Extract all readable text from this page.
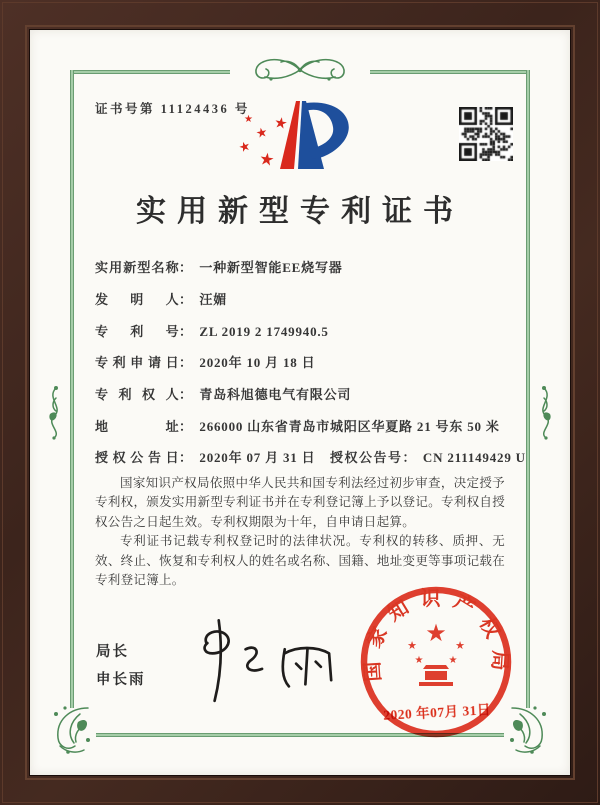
证书号第 11124436 号
★
★
★
★
★
实用新型专利证书
实用新型名称： 一种新型智能EE烧写器
发明人： 汪媚
专利号： ZL 2019 2 1749940.5
专利申请日： 2020年 10 月 18 日
专利权人： 青岛科旭德电气有限公司
地址： 266000 山东省青岛市城阳区华夏路 21 号东 50 米
授权公告日： 2020年 07 月 31 日 授权公告号： CN 211149429 U

国家知识产权局依照中华人民共和国专利法经过初步审查，决定授予专利权，颁发实用新型专利证书并在专利登记簿上予以登记。专利权自授权公告之日起生效。专利权期限为十年，自申请日起算。

专利证书记载专利权登记时的法律状况。专利权的转移、质押、无效、终止、恢复和专利权人的姓名或名称、国籍、地址变更等事项记载在专利登记簿上。

局长
申长雨	国家知识产权局
★
★	★
★	★
2020 年07月 31日
